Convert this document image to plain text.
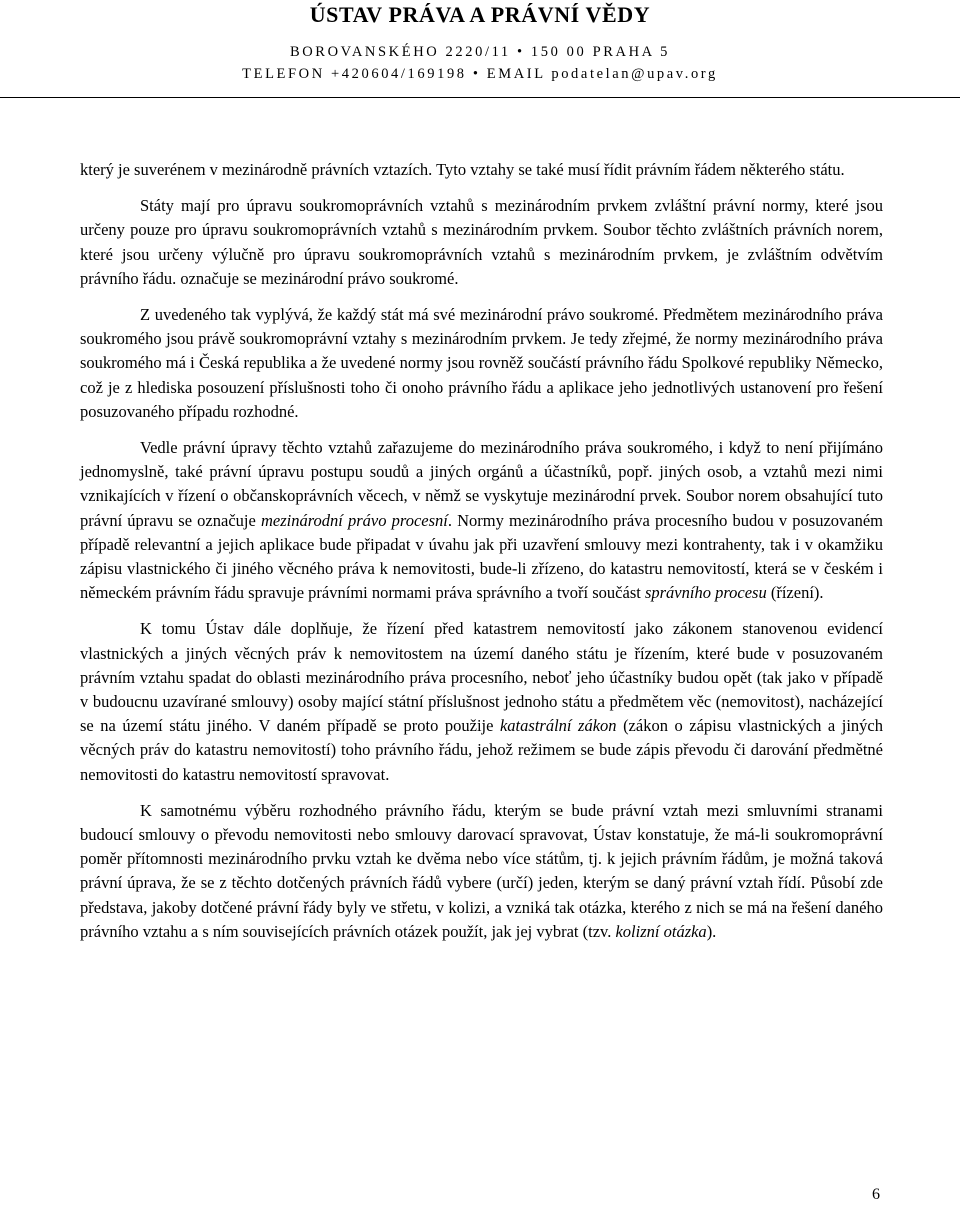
ÚSTAV PRÁVA A PRÁVNÍ VĚDY
BOROVANSKÉHO 2220/11 • 150 00 PRAHA 5
TELEFON +420604/169198 • EMAIL podatelan@upav.org

který je suverénem v mezinárodně právních vztazích. Tyto vztahy se také musí řídit právním řádem některého státu.

Státy mají pro úpravu soukromoprávních vztahů s mezinárodním prvkem zvláštní právní normy, které jsou určeny pouze pro úpravu soukromoprávních vztahů s mezinárodním prvkem. Soubor těchto zvláštních právních norem, které jsou určeny výlučně pro úpravu soukromoprávních vztahů s mezinárodním prvkem, je zvláštním odvětvím právního řádu. označuje se mezinárodní právo soukromé.

Z uvedeného tak vyplývá, že každý stát má své mezinárodní právo soukromé. Předmětem mezinárodního práva soukromého jsou právě soukromoprávní vztahy s mezinárodním prvkem. Je tedy zřejmé, že normy mezinárodního práva soukromého má i Česká republika a že uvedené normy jsou rovněž součástí právního řádu Spolkové republiky Německo, což je z hlediska posouzení příslušnosti toho či onoho právního řádu a aplikace jeho jednotlivých ustanovení pro řešení posuzovaného případu rozhodné.

Vedle právní úpravy těchto vztahů zařazujeme do mezinárodního práva soukromého, i když to není přijímáno jednomyslně, také právní úpravu postupu soudů a jiných orgánů a účastníků, popř. jiných osob, a vztahů mezi nimi vznikajících v řízení o občanskoprávních věcech, v němž se vyskytuje mezinárodní prvek. Soubor norem obsahující tuto právní úpravu se označuje mezinárodní právo procesní. Normy mezinárodního práva procesního budou v posuzovaném případě relevantní a jejich aplikace bude připadat v úvahu jak při uzavření smlouvy mezi kontrahenty, tak i v okamžiku zápisu vlastnického či jiného věcného práva k nemovitosti, bude-li zřízeno, do katastru nemovitostí, která se v českém i německém právním řádu spravuje právními normami práva správního a tvoří součást správního procesu (řízení).

K tomu Ústav dále doplňuje, že řízení před katastrem nemovitostí jako zákonem stanovenou evidencí vlastnických a jiných věcných práv k nemovitostem na území daného státu je řízením, které bude v posuzovaném právním vztahu spadat do oblasti mezinárodního práva procesního, neboť jeho účastníky budou opět (tak jako v případě v budoucnu uzavírané smlouvy) osoby mající státní příslušnost jednoho státu a předmětem věc (nemovitost), nacházející se na území státu jiného. V daném případě se proto použije katastrální zákon (zákon o zápisu vlastnických a jiných věcných práv do katastru nemovitostí) toho právního řádu, jehož režimem se bude zápis převodu či darování předmětné nemovitosti do katastru nemovitostí spravovat.

K samotnému výběru rozhodného právního řádu, kterým se bude právní vztah mezi smluvními stranami budoucí smlouvy o převodu nemovitosti nebo smlouvy darovací spravovat, Ústav konstatuje, že má-li soukromoprávní poměr přítomnosti mezinárodního prvku vztah ke dvěma nebo více státům, tj. k jejich právním řádům, je možná taková právní úprava, že se z těchto dotčených právních řádů vybere (určí) jeden, kterým se daný právní vztah řídí. Působí zde představa, jakoby dotčené právní řády byly ve střetu, v kolizi, a vzniká tak otázka, kterého z nich se má na řešení daného právního vztahu a s ním souvisejících právních otázek použít, jak jej vybrat (tzv. kolizní otázka).

6
